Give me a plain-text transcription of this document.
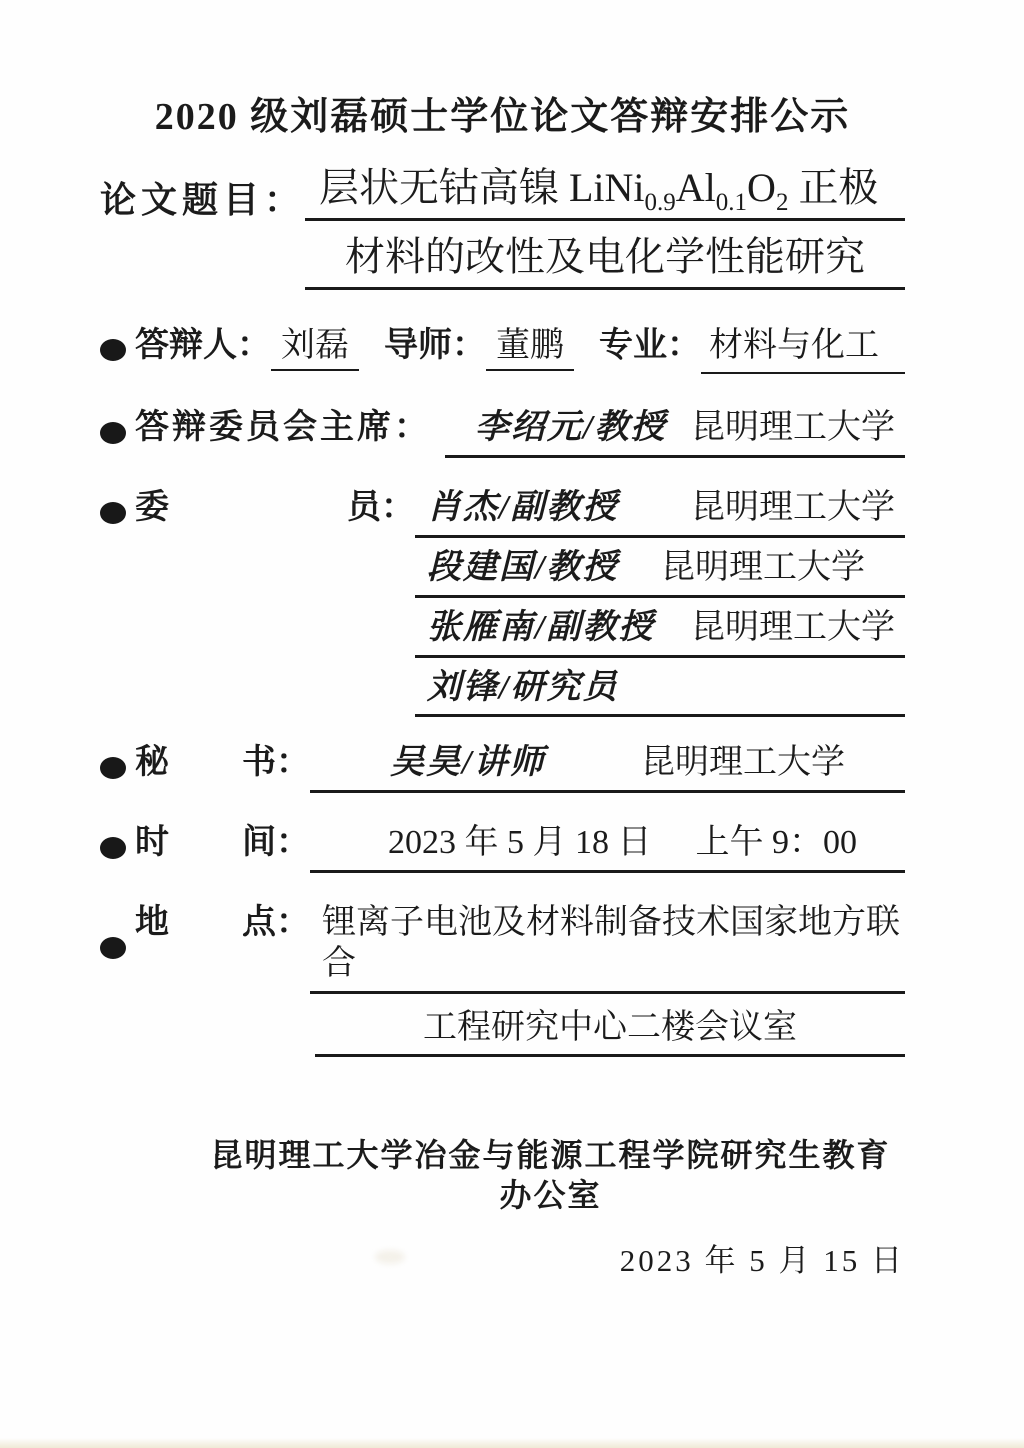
2020 级刘磊硕士学位论文答辩安排公示
论文题目： 层状无钴高镍 $LiNi_{0.9}Al_{0.1}O_2$ 正极
材料的改性及电化学性能研究
答辩人： 刘磊 导师： 董鹏 专业： 材料与化工
答辩委员会主席：	李绍元/教授 昆明理工大学
委	员： 肖杰/副教授 昆明理工大学
段建国/教授 昆明理工大学
张雁南/副教授 昆明理工大学
刘锋/研究员
秘 书：	吴昊/讲师	昆明理工大学
时 间：	2023 年 5 月 18 日 上午 9：00
地 点： 锂离子电池及材料制备技术国家地方联合
工程研究中心二楼会议室
昆明理工大学冶金与能源工程学院研究生教育办公室
2023 年 5 月 15 日
